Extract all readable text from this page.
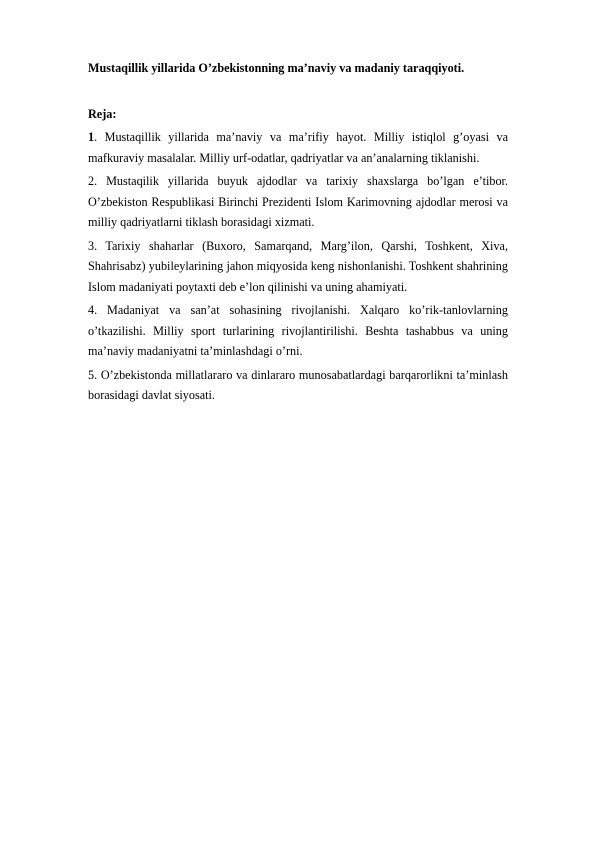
Mustaqillik yillarida O’zbekistonning ma’naviy va madaniy taraqqiyoti.

Reja:

1. Mustaqillik yillarida ma’naviy va ma’rifiy hayot. Milliy istiqlol g’oyasi va mafkuraviy masalalar. Milliy urf-odatlar, qadriyatlar va an’analarning tiklanishi.
2. Mustaqilik yillarida buyuk ajdodlar va tarixiy shaxslarga bo’lgan e’tibor. O’zbekiston Respublikasi Birinchi Prezidenti Islom Karimovning ajdodlar merosi va milliy qadriyatlarni tiklash borasidagi xizmati.
3. Tarixiy shaharlar (Buxoro, Samarqand, Marg’ilon, Qarshi, Toshkent, Xiva, Shahrisabz) yubileylarining jahon miqyosida keng nishonlanishi. Toshkent shahrining Islom madaniyati poytaxti deb e’lon qilinishi va uning ahamiyati.
4. Madaniyat va san’at sohasining rivojlanishi. Xalqaro ko’rik-tanlovlarning o’tkazilishi. Milliy sport turlarining rivojlantirilishi. Beshta tashabbus va uning ma’naviy madaniyatni ta’minlashdagi o’rni.
5. O’zbekistonda millatlararo va dinlararo munosabatlardagi barqarorlikni ta’minlash borasidagi davlat siyosati.
